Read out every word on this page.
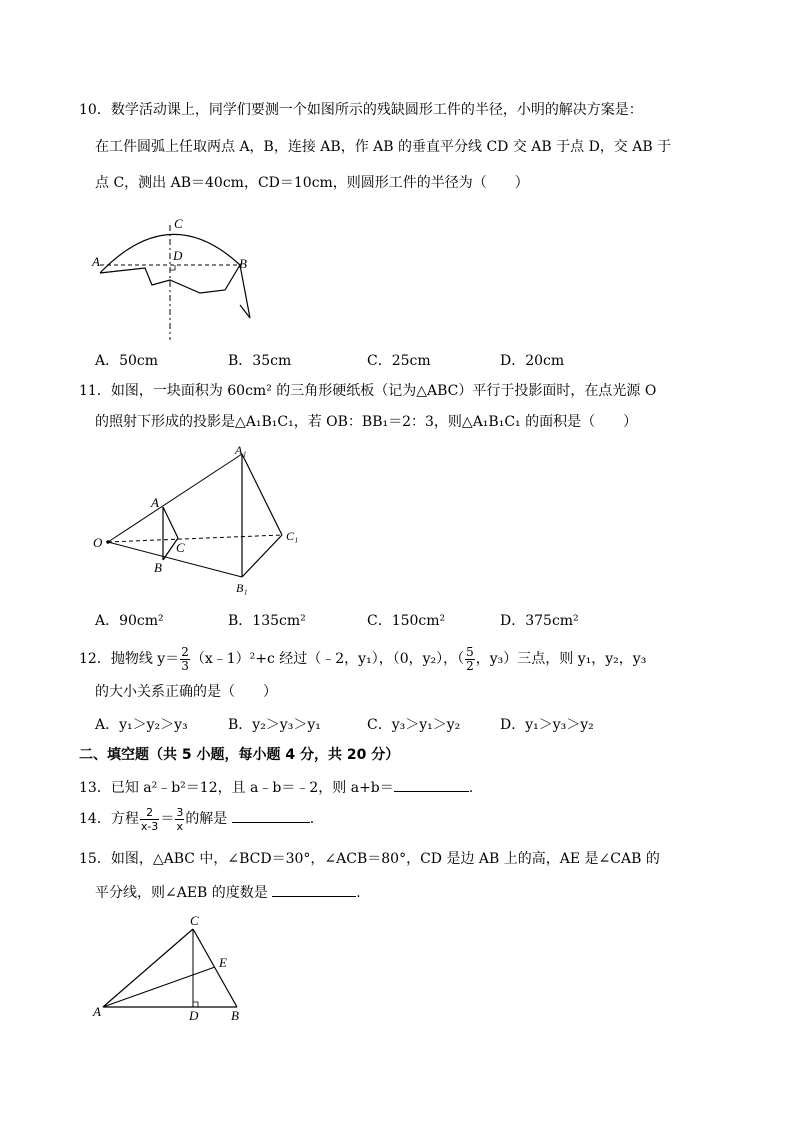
10．数学活动课上，同学们要测一个如图所示的残缺圆形工件的半径，小明的解决方案是：
在工件圆弧上任取两点 A，B，连接 AB，作 AB 的垂直平分线 CD 交 AB 于点 D，交 AB 于
点 C，测出 AB＝40cm，CD＝10cm，则圆形工件的半径为（　　）
A	B
C
D
A．50cm	B．35cm	C．25cm	D．20cm
11．如图，一块面积为 60cm² 的三角形硬纸板（记为△ABC）平行于投影面时，在点光源 O
的照射下形成的投影是△A₁B₁C₁，若 OB：BB₁＝2：3，则△A₁B₁C₁ 的面积是（　　）
O
A
B
C
A₁
B₁
C₁
A．90cm²	B．135cm²	C．150cm²	D．375cm²
12．抛物线 $y= \frac{2}{3}$ （x﹣1）²+c 经过（﹣2，y₁），（0，y₂），（ $\frac{5}{2}$ ，y₃）三点，则 y₁，y₂，y₃
的大小关系正确的是（　　）
A．y₁＞y₂＞y₃	B．y₂＞y₃＞y₁	C．y₃＞y₁＞y₂	D．y₁＞y₃＞y₂
二、填空题（共 5 小题，每小题 4 分，共 20 分）
13．已知 a²﹣b²＝12，且 a﹣b＝﹣2，则 a+b＝	.
14．方程 $\frac{2}{x-3} = \frac{3}{x}$ 的解是	.
15．如图，△ABC 中，∠BCD＝30°，∠ACB＝80°，CD 是边 AB 上的高，AE 是∠CAB 的
平分线，则∠AEB 的度数是	.
A	B
C
D
E
